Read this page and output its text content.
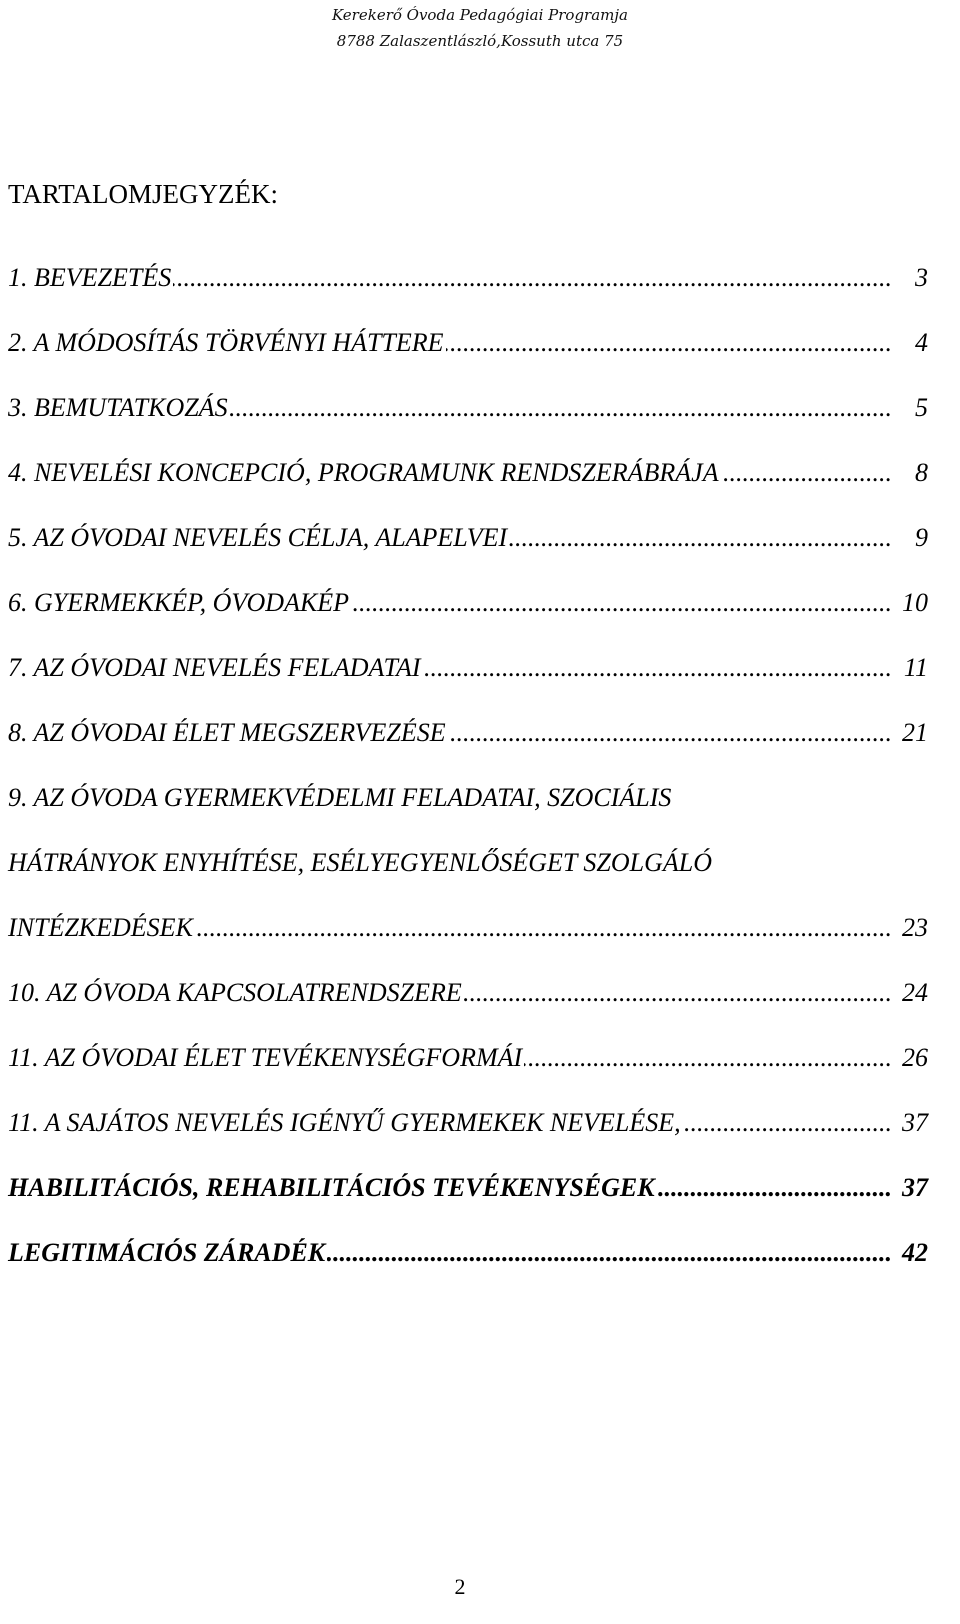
Kerekerő Óvoda Pedagógiai Programja
8788 Zalaszentlászló,Kossuth utca 75
TARTALOMJEGYZÉK:
.....
1. BEVEZETÉS	3
.....
2. A MÓDOSÍTÁS TÖRVÉNYI HÁTTERE	4
.....
3. BEMUTATKOZÁS	5
.....
4. NEVELÉSI KONCEPCIÓ, PROGRAMUNK RENDSZERÁBRÁJA	8
.....
5. AZ ÓVODAI NEVELÉS CÉLJA, ALAPELVEI	9
.....
6. GYERMEKKÉP, ÓVODAKÉP	10
.....
7. AZ ÓVODAI NEVELÉS FELADATAI	11
.....
8. AZ ÓVODAI ÉLET MEGSZERVEZÉSE	21
9. AZ ÓVODA GYERMEKVÉDELMI FELADATAI, SZOCIÁLIS
HÁTRÁNYOK ENYHÍTÉSE, ESÉLYEGYENLŐSÉGET SZOLGÁLÓ
.....
INTÉZKEDÉSEK	23
.....
10. AZ ÓVODA KAPCSOLATRENDSZERE	24
.....
11. AZ ÓVODAI ÉLET TEVÉKENYSÉGFORMÁI	26
.....
11. A SAJÁTOS NEVELÉS IGÉNYŰ GYERMEKEK NEVELÉSE,	37
.....
HABILITÁCIÓS, REHABILITÁCIÓS TEVÉKENYSÉGEK	37
.....
LEGITIMÁCIÓS ZÁRADÉK	42
2
